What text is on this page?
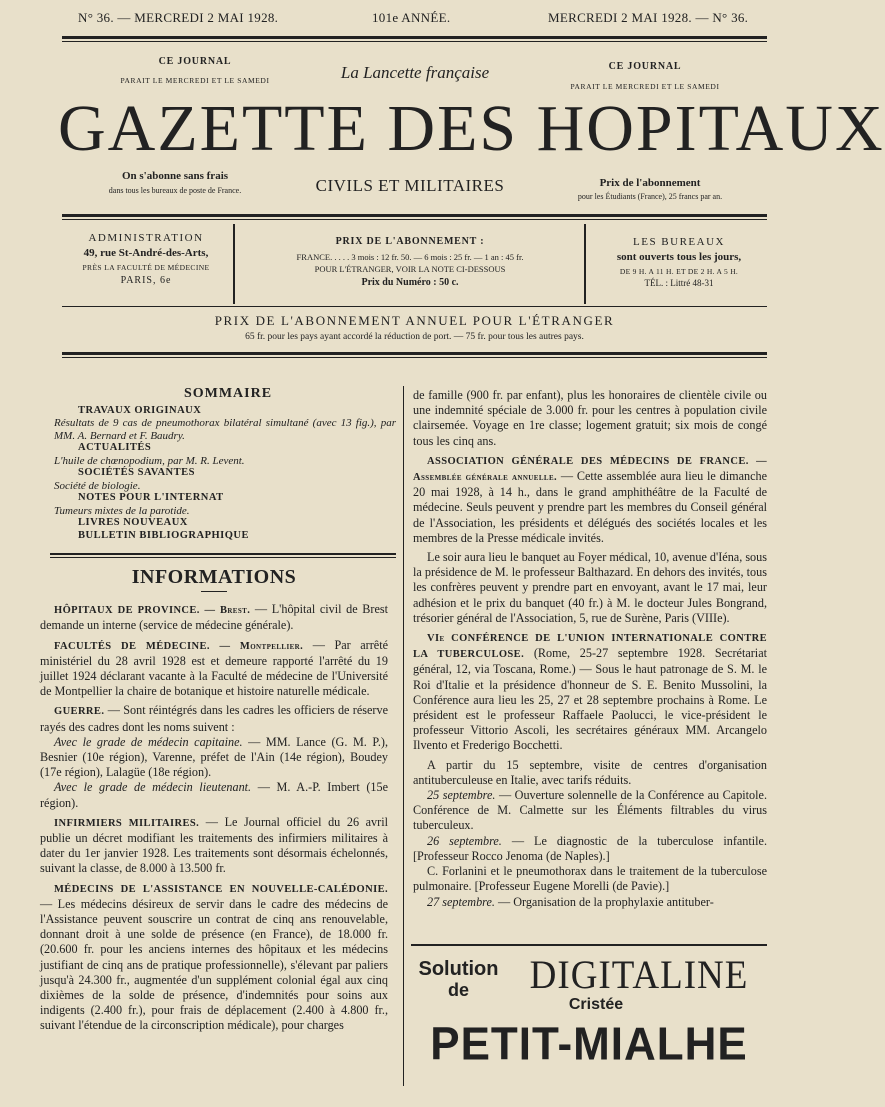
N° 36. — MERCREDI 2 MAI 1928.	101e ANNÉE.	MERCREDI 2 MAI 1928. — N° 36.
CE JOURNAL
PARAIT LE MERCREDI ET LE SAMEDI	La Lancette française	CE JOURNAL
PARAIT LE MERCREDI ET LE SAMEDI
GAZETTE DES HOPITAUX
On s'abonne sans frais
dans tous les bureaux de poste de France.	CIVILS ET MILITAIRES	Prix de l'abonnement
pour les Étudiants (France), 25 francs par an.
ADMINISTRATION
49, rue St-André-des-Arts,
PRÈS LA FACULTÉ DE MÉDECINE
PARIS, 6e
PRIX DE L'ABONNEMENT :
FRANCE. . . . . 3 mois : 12 fr. 50. — 6 mois : 25 fr. — 1 an : 45 fr.
POUR L'ÉTRANGER, VOIR LA NOTE CI-DESSOUS
Prix du Numéro : 50 c.
LES BUREAUX
sont ouverts tous les jours,
DE 9 H. A 11 H. ET DE 2 H. A 5 H.
TÉL. : Littré 48-31
PRIX DE L'ABONNEMENT ANNUEL POUR L'ÉTRANGER
65 fr. pour les pays ayant accordé la réduction de port. — 75 fr. pour tous les autres pays.
SOMMAIRE
TRAVAUX ORIGINAUX
Résultats de 9 cas de pneumothorax bilatéral simultané (avec 13 fig.), par MM. A. Bernard et F. Baudry.
ACTUALITÉS
L'huile de chœnopodium, par M. R. Levent.
SOCIÉTÉS SAVANTES
Société de biologie.
NOTES POUR L'INTERNAT
Tumeurs mixtes de la parotide.
LIVRES NOUVEAUX
BULLETIN BIBLIOGRAPHIQUE
INFORMATIONS

HÔPITAUX DE PROVINCE. — Brest. — L'hôpital civil de Brest demande un interne (service de médecine générale).

FACULTÉS DE MÉDECINE. — Montpellier. — Par arrêté ministériel du 28 avril 1928 est et demeure rapporté l'arrêté du 19 juillet 1924 déclarant vacante à la Faculté de médecine de l'Université de Montpellier la chaire de botanique et histoire naturelle médicale.

GUERRE. — Sont réintégrés dans les cadres les officiers de réserve rayés des cadres dont les noms suivent :

Avec le grade de médecin capitaine. — MM. Lance (G. M. P.), Besnier (10e région), Varenne, préfet de l'Ain (14e région), Boudey (17e région), Lalagüe (18e région).

Avec le grade de médecin lieutenant. — M. A.-P. Imbert (15e région).

INFIRMIERS MILITAIRES. — Le Journal officiel du 26 avril publie un décret modifiant les traitements des infirmiers militaires à dater du 1er janvier 1928. Les traitements sont désormais échelonnés, suivant la classe, de 8.000 à 13.500 fr.

MÉDECINS DE L'ASSISTANCE EN NOUVELLE-CALÉDONIE. — Les médecins désireux de servir dans le cadre des médecins de l'Assistance peuvent souscrire un contrat de cinq ans renouvelable, donnant droit à une solde de présence (en France), de 18.000 fr. (20.600 fr. pour les anciens internes des hôpitaux et les médecins justifiant de cinq ans de pratique professionnelle), s'élevant par paliers jusqu'à 24.300 fr., augmentée d'un supplément colonial égal aux cinq dixièmes de la solde de présence, d'indemnités pour soins aux indigents (2.400 fr.), pour frais de déplacement (2.400 à 4.800 fr., suivant l'étendue de la circonscription médicale), pour charges

de famille (900 fr. par enfant), plus les honoraires de clientèle civile ou une indemnité spéciale de 3.000 fr. pour les centres à population civile clairsemée. Voyage en 1re classe; logement gratuit; six mois de congé tous les cinq ans.

ASSOCIATION GÉNÉRALE DES MÉDECINS DE FRANCE. — Assemblée générale annuelle. — Cette assemblée aura lieu le dimanche 20 mai 1928, à 14 h., dans le grand amphithéâtre de la Faculté de médecine. Seuls peuvent y prendre part les membres du Conseil général de l'Association, les présidents et délégués des sociétés locales et les membres de la Presse médicale invités.

Le soir aura lieu le banquet au Foyer médical, 10, avenue d'Iéna, sous la présidence de M. le professeur Balthazard. En dehors des invités, tous les confrères peuvent y prendre part en envoyant, avant le 17 mai, leur adhésion et le prix du banquet (40 fr.) à M. le docteur Jules Bongrand, trésorier général de l'Association, 5, rue de Surène, Paris (VIIIe).

VIe CONFÉRENCE DE L'UNION INTERNATIONALE CONTRE LA TUBERCULOSE. (Rome, 25-27 septembre 1928. Secrétariat général, 12, via Toscana, Rome.) — Sous le haut patronage de S. M. le Roi d'Italie et la présidence d'honneur de S. E. Benito Mussolini, la Conférence aura lieu les 25, 27 et 28 septembre prochains à Rome. Le président est le professeur Raffaele Paolucci, le vice-président le professeur Vittorio Ascoli, les secrétaires généraux MM. Arcangelo Ilvento et Frederigo Bocchetti.

A partir du 15 septembre, visite de centres d'organisation antituberculeuse en Italie, avec tarifs réduits.

25 septembre. — Ouverture solennelle de la Conférence au Capitole. Conférence de M. Calmette sur les Éléments filtrables du virus tuberculeux.

26 septembre. — Le diagnostic de la tuberculose infantile. [Professeur Rocco Jenoma (de Naples).]

C. Forlanini et le pneumothorax dans le traitement de la tuberculose pulmonaire. [Professeur Eugene Morelli (de Pavie).]

27 septembre. — Organisation de la prophylaxie antituber-

Solution
de	DIGITALINE
Cristée
PETIT-MIALHE
